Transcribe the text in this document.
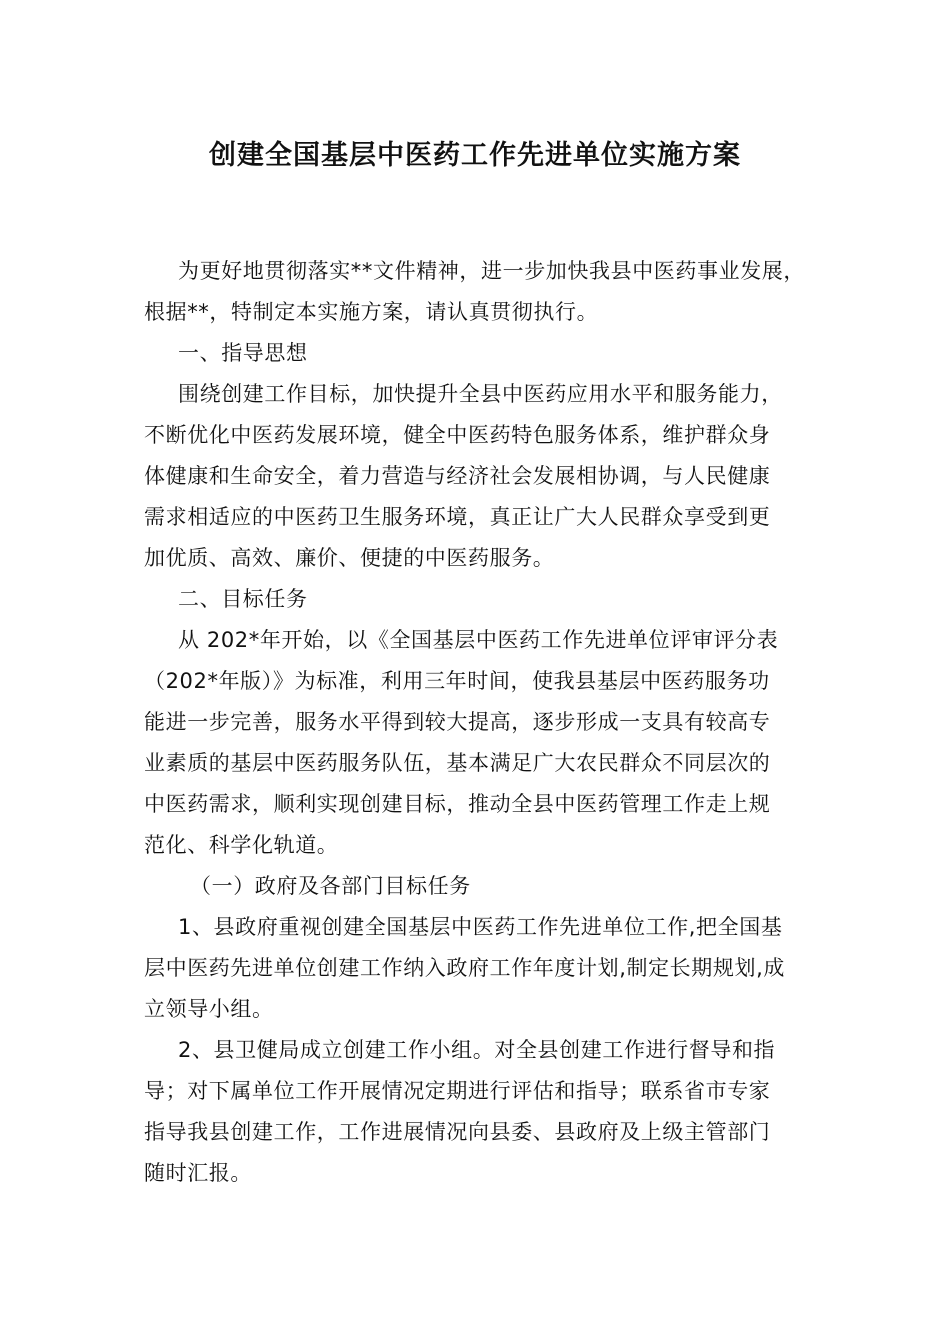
创建全国基层中医药工作先进单位实施方案
为更好地贯彻落实**文件精神，进一步加快我县中医药事业发展，
根据**，特制定本实施方案，请认真贯彻执行。
一、指导思想
围绕创建工作目标，加快提升全县中医药应用水平和服务能力，
不断优化中医药发展环境，健全中医药特色服务体系，维护群众身
体健康和生命安全，着力营造与经济社会发展相协调，与人民健康
需求相适应的中医药卫生服务环境，真正让广大人民群众享受到更
加优质、高效、廉价、便捷的中医药服务。
二、目标任务
从 202*年开始，以《全国基层中医药工作先进单位评审评分表
（202*年版）》为标准，利用三年时间，使我县基层中医药服务功
能进一步完善，服务水平得到较大提高，逐步形成一支具有较高专
业素质的基层中医药服务队伍，基本满足广大农民群众不同层次的
中医药需求，顺利实现创建目标，推动全县中医药管理工作走上规
范化、科学化轨道。
（一）政府及各部门目标任务
1、县政府重视创建全国基层中医药工作先进单位工作,把全国基
层中医药先进单位创建工作纳入政府工作年度计划,制定长期规划,成
立领导小组。
2、县卫健局成立创建工作小组。对全县创建工作进行督导和指
导；对下属单位工作开展情况定期进行评估和指导；联系省市专家
指导我县创建工作，工作进展情况向县委、县政府及上级主管部门
随时汇报。
